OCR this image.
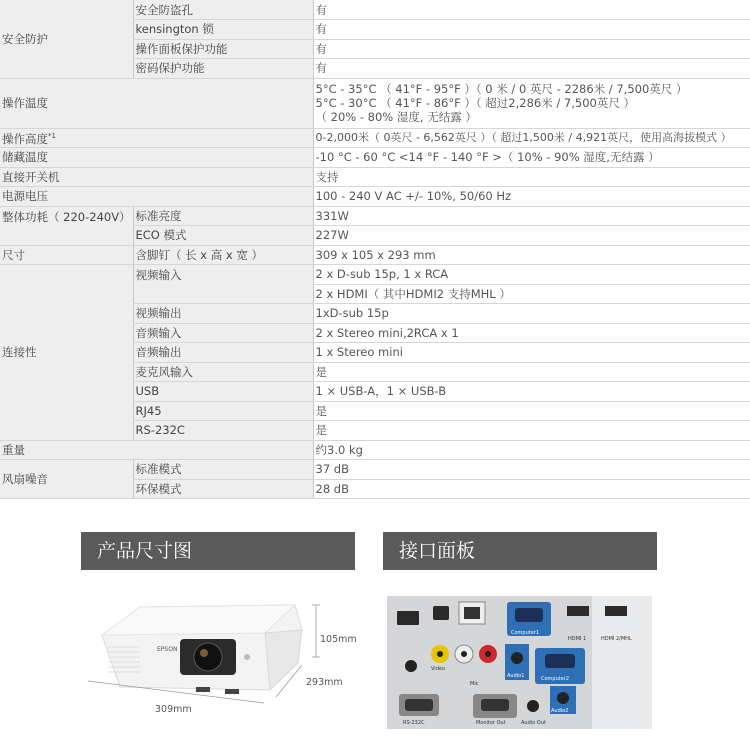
安全防护	安全防盗孔	有
	kensington 锁	有
	操作面板保护功能	有
	密码保护功能	有
操作温度		5°C - 35°C （ 41°F - 95°F ）（ 0 米 / 0 英尺 - 2286米 / 7,500英尺 ）
5°C - 30°C （ 41°F - 86°F ）（ 超过2,286米 / 7,500英尺 ）
（ 20% - 80% 湿度, 无结露 ）

操作高度$^{*1}$		0-2,000米（ 0英尺 - 6,562英尺 ）（ 超过1,500米 / 4,921英尺，使用高海拔模式 ）
储藏温度		-10 °C - 60 °C <14 °F - 140 °F >（ 10% - 90% 湿度,无结露 ）
直接开关机		支持
电源电压		100 - 240 V AC +/- 10%, 50/60 Hz
整体功耗（ 220-240V）	标准亮度	331W
	ECO 模式	227W
尺寸	含脚钉（ 长 x 高 x 宽 ）	309 x 105 x 293 mm
连接性	视频输入	2 x D-sub 15p, 1 x RCA
		2 x HDMI（ 其中HDMI2 支持MHL ）
	视频输出	1xD-sub 15p
	音频输入	2 x Stereo mini,2RCA x 1
	音频输出	1 x Stereo mini
	麦克风输入	是
	USB	1 × USB-A，1 × USB-B
	RJ45	是
	RS-232C	是
重量		约3.0 kg
风扇噪音	标准模式	37 dB
	环保模式	28 dB
产品尺寸图	接口面板
EPSON
105mm
293mm
309mm
Computer1
HDMI 1	HDMI 2/MHL
Video
Audio1	Computer2
Mic
Audio2
RS-232C	Monitor Out	Audio Out
